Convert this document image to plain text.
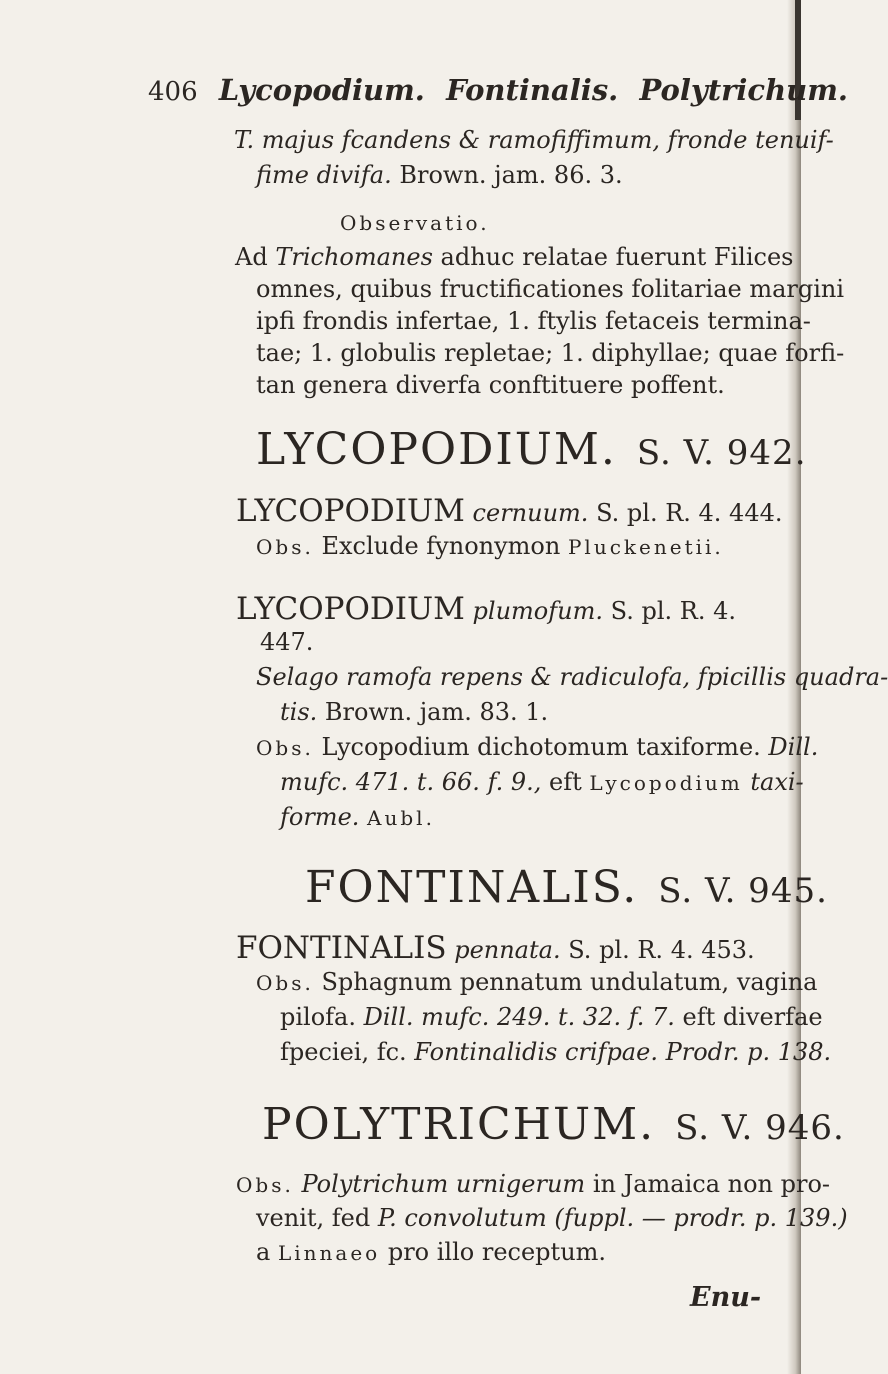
406 Lycopodium. Fontinalis. Polytrichum.
T. majus fcandens & ramofiffimum, fronde tenuif-
fime divifa. Brown. jam. 86. 3.
Observatio.
Ad Trichomanes adhuc relatae fuerunt Filices
omnes, quibus fructificationes folitariae margini
ipfi frondis infertae, 1. ftylis fetaceis termina-
tae; 1. globulis repletae; 1. diphyllae; quae forfi-
tan genera diverfa conftituere poffent.
LYCOPODIUM. S. V. 942.
LYCOPODIUM cernuum. S. pl. R. 4. 444.
Obs. Exclude fynonymon Pluckenetii.
LYCOPODIUM plumofum. S. pl. R. 4.
447.
Selago ramofa repens & radiculofa, fpicillis quadra-
tis. Brown. jam. 83. 1.
Obs. Lycopodium dichotomum taxiforme. Dill.
mufc. 471. t. 66. f. 9., eft Lycopodium taxi-
forme. Aubl.
FONTINALIS. S. V. 945.
FONTINALIS pennata. S. pl. R. 4. 453.
Obs. Sphagnum pennatum undulatum, vagina
pilofa. Dill. mufc. 249. t. 32. f. 7. eft diverfae
fpeciei, fc. Fontinalidis crifpae. Prodr. p. 138.
POLYTRICHUM. S. V. 946.
Obs. Polytrichum urnigerum in Jamaica non pro-
venit, fed P. convolutum (fuppl. — prodr. p. 139.)
a Linnaeo pro illo receptum.
Enu-
